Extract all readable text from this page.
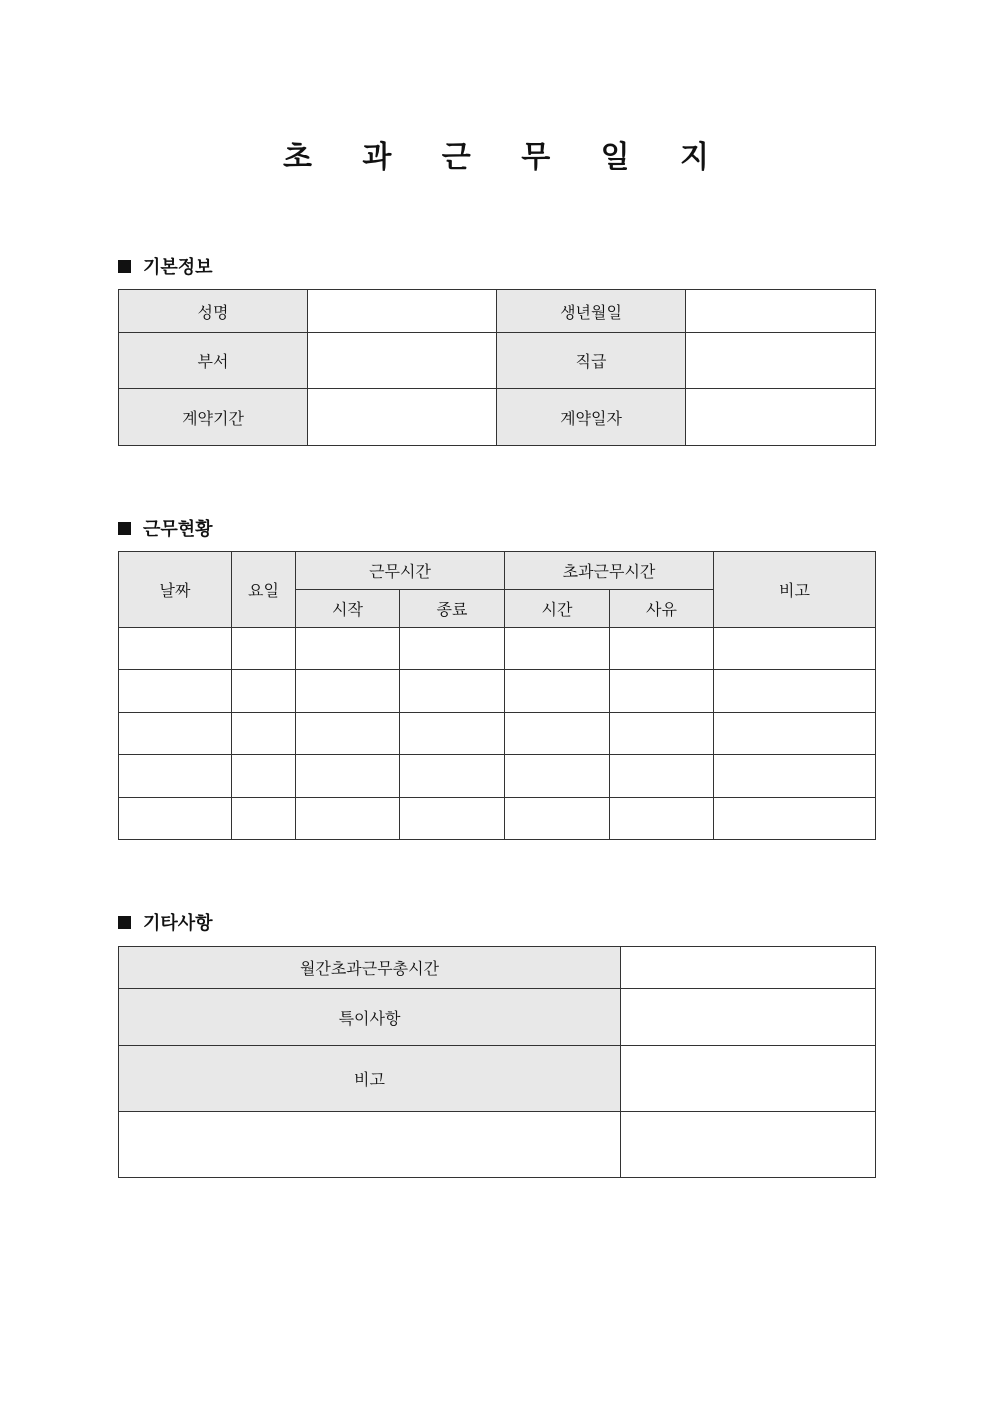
초 과 근 무 일 지
기본정보
성명		생년월일	
부서		직급	
계약기간		계약일자	
근무현황
날짜	요일	근무시간		초과근무시간		비고
		시작	종료	시간	사유	

기타사항
월간초과근무총시간	
특이사항	
비고	
